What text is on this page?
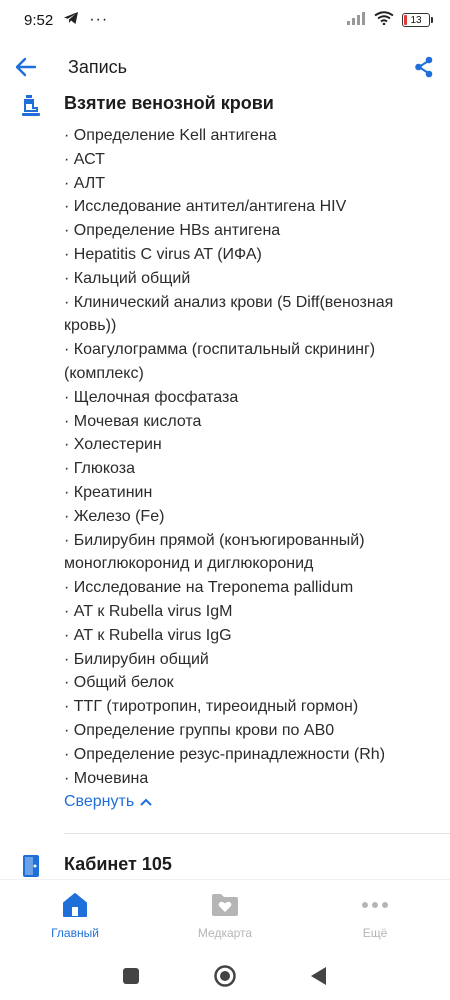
9:52 ···	13
Запись
Взятие венозной крови
· Определение Kell антигена
· АСТ
· АЛТ
· Исследование антител/антигена HIV
· Определение HBs антигена
· Hepatitis C virus AT (ИФА)
· Кальций общий
· Клинический анализ крови (5 Diff(венозная кровь))
· Коагулограмма (госпитальный скрининг) (комплекс)
· Щелочная фосфатаза
· Мочевая кислота
· Холестерин
· Глюкоза
· Креатинин
· Железо (Fe)
· Билирубин прямой (конъюгированный) моноглюкоронид и диглюкоронид
· Исследование на Treponema pallidum
· АТ к Rubella virus IgM
· АТ к Rubella virus IgG
· Билирубин общий
· Общий белок
· ТТГ (тиротропин, тиреоидный гормон)
· Определение группы крови по АВ0
· Определение резус-принадлежности (Rh)
· Мочевина
Свернуть
Кабинет 105
Главный	Медкарта	Ещё
